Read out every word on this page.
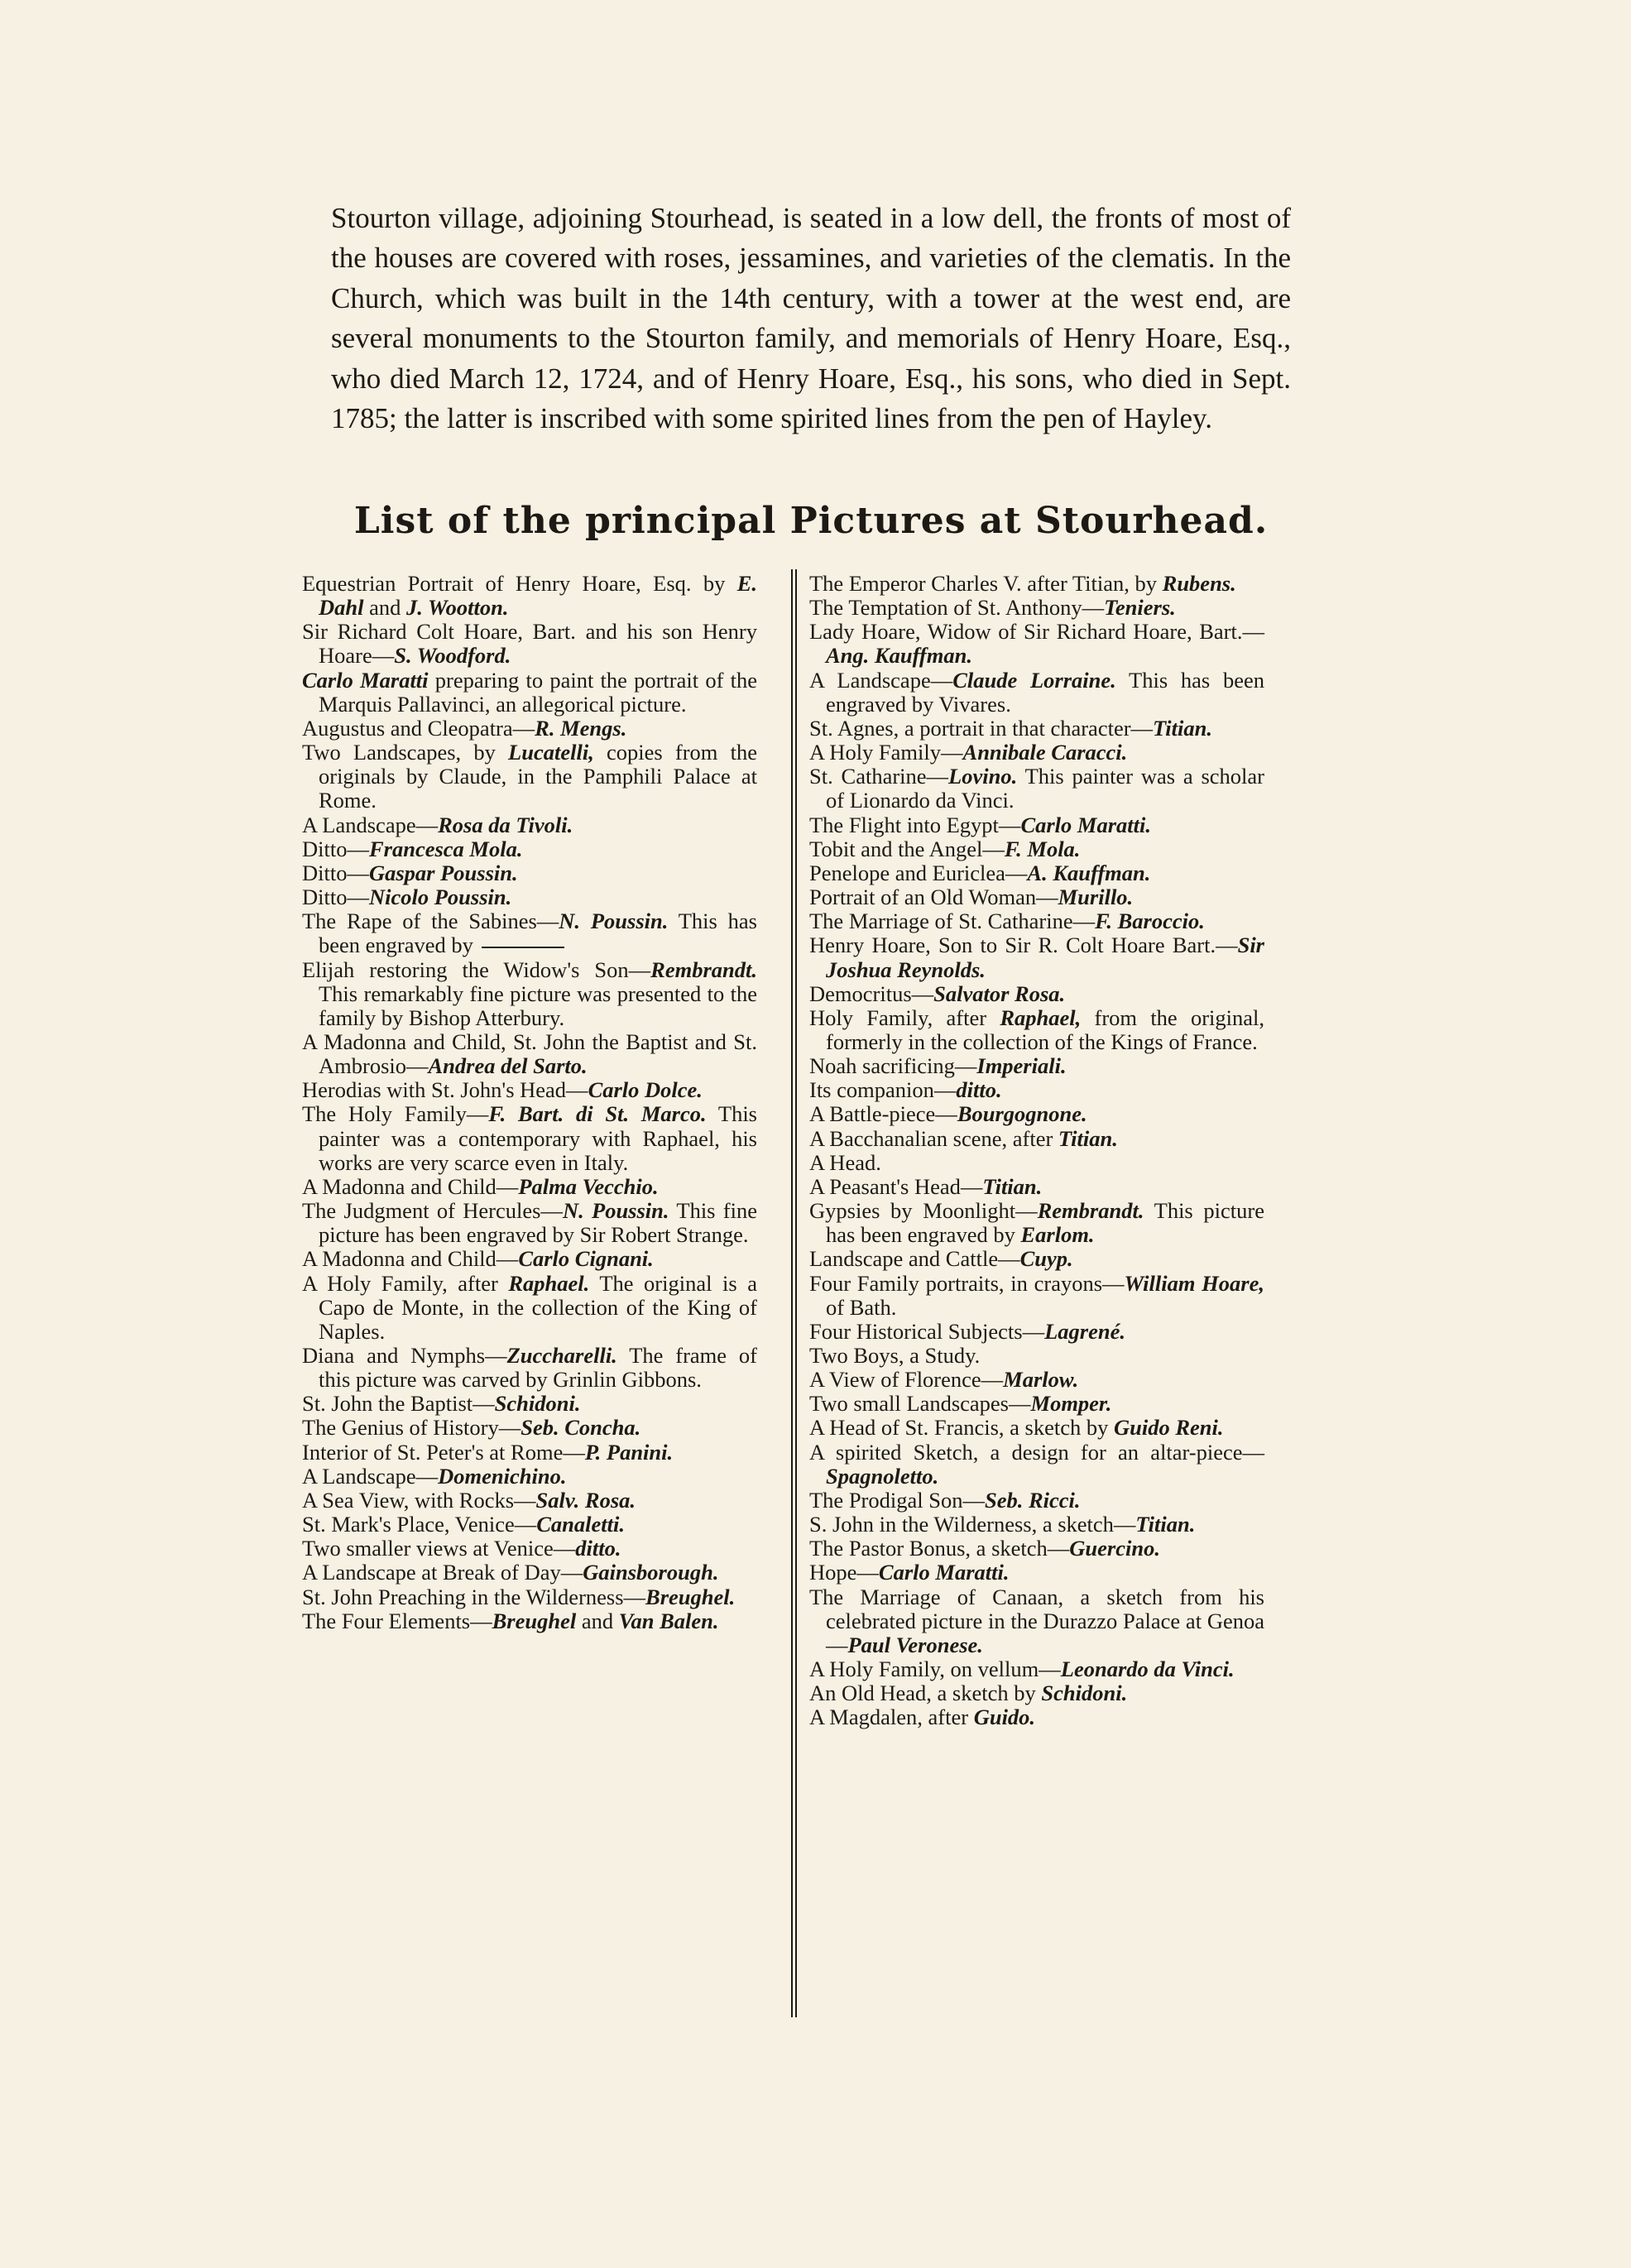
Stourton village, adjoining Stourhead, is seated in a low dell, the fronts of most of the houses are covered with roses, jessamines, and varieties of the clematis. In the Church, which was built in the 14th century, with a tower at the west end, are several monuments to the Stourton family, and memorials of Henry Hoare, Esq., who died March 12, 1724, and of Henry Hoare, Esq., his sons, who died in Sept. 1785; the latter is inscribed with some spirited lines from the pen of Hayley.

List of the principal Pictures at Stourhead.

Equestrian Portrait of Henry Hoare, Esq. by E. Dahl and J. Wootton.

Sir Richard Colt Hoare, Bart. and his son Henry Hoare—S. Woodford.

Carlo Maratti preparing to paint the portrait of the Marquis Pallavinci, an allegorical picture.

Augustus and Cleopatra—R. Mengs.

Two Landscapes, by Lucatelli, copies from the originals by Claude, in the Pamphili Palace at Rome.

A Landscape—Rosa da Tivoli.

Ditto—Francesca Mola.

Ditto—Gaspar Poussin.

Ditto—Nicolo Poussin.

The Rape of the Sabines—N. Poussin. This has been engraved by

Elijah restoring the Widow's Son—Rembrandt. This remarkably fine picture was presented to the family by Bishop Atterbury.

A Madonna and Child, St. John the Baptist and St. Ambrosio—Andrea del Sarto.

Herodias with St. John's Head—Carlo Dolce.

The Holy Family—F. Bart. di St. Marco. This painter was a contemporary with Raphael, his works are very scarce even in Italy.

A Madonna and Child—Palma Vecchio.

The Judgment of Hercules—N. Poussin. This fine picture has been engraved by Sir Robert Strange.

A Madonna and Child—Carlo Cignani.

A Holy Family, after Raphael. The original is a Capo de Monte, in the collection of the King of Naples.

Diana and Nymphs—Zuccharelli. The frame of this picture was carved by Grinlin Gibbons.

St. John the Baptist—Schidoni.

The Genius of History—Seb. Concha.

Interior of St. Peter's at Rome—P. Panini.

A Landscape—Domenichino.

A Sea View, with Rocks—Salv. Rosa.

St. Mark's Place, Venice—Canaletti.

Two smaller views at Venice—ditto.

A Landscape at Break of Day—Gainsborough.

St. John Preaching in the Wilderness—Breughel.

The Four Elements—Breughel and Van Balen.

The Emperor Charles V. after Titian, by Rubens.

The Temptation of St. Anthony—Teniers.

Lady Hoare, Widow of Sir Richard Hoare, Bart.—Ang. Kauffman.

A Landscape—Claude Lorraine. This has been engraved by Vivares.

St. Agnes, a portrait in that character—Titian.

A Holy Family—Annibale Caracci.

St. Catharine—Lovino. This painter was a scholar of Lionardo da Vinci.

The Flight into Egypt—Carlo Maratti.

Tobit and the Angel—F. Mola.

Penelope and Euriclea—A. Kauffman.

Portrait of an Old Woman—Murillo.

The Marriage of St. Catharine—F. Baroccio.

Henry Hoare, Son to Sir R. Colt Hoare Bart.—Sir Joshua Reynolds.

Democritus—Salvator Rosa.

Holy Family, after Raphael, from the original, formerly in the collection of the Kings of France.

Noah sacrificing—Imperiali.

Its companion—ditto.

A Battle-piece—Bourgognone.

A Bacchanalian scene, after Titian.

A Head.

A Peasant's Head—Titian.

Gypsies by Moonlight—Rembrandt. This picture has been engraved by Earlom.

Landscape and Cattle—Cuyp.

Four Family portraits, in crayons—William Hoare, of Bath.

Four Historical Subjects—Lagrené.

Two Boys, a Study.

A View of Florence—Marlow.

Two small Landscapes—Momper.

A Head of St. Francis, a sketch by Guido Reni.

A spirited Sketch, a design for an altar-piece—Spagnoletto.

The Prodigal Son—Seb. Ricci.

S. John in the Wilderness, a sketch—Titian.

The Pastor Bonus, a sketch—Guercino.

Hope—Carlo Maratti.

The Marriage of Canaan, a sketch from his celebrated picture in the Durazzo Palace at Genoa—Paul Veronese.

A Holy Family, on vellum—Leonardo da Vinci.

An Old Head, a sketch by Schidoni.

A Magdalen, after Guido.
